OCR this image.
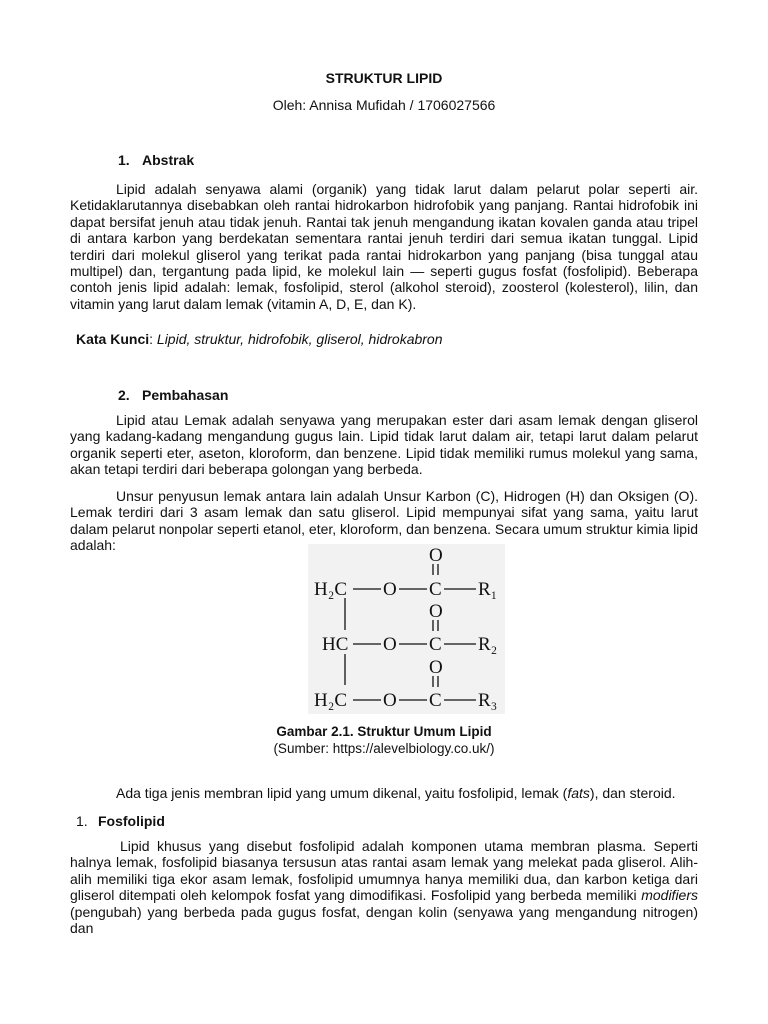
STRUKTUR LIPID
Oleh: Annisa Mufidah / 1706027566
1. Abstrak

Lipid adalah senyawa alami (organik) yang tidak larut dalam pelarut polar seperti air. Ketidaklarutannya disebabkan oleh rantai hidrokarbon hidrofobik yang panjang. Rantai hidrofobik ini dapat bersifat jenuh atau tidak jenuh. Rantai tak jenuh mengandung ikatan kovalen ganda atau tripel di antara karbon yang berdekatan sementara rantai jenuh terdiri dari semua ikatan tunggal. Lipid terdiri dari molekul gliserol yang terikat pada rantai hidrokarbon yang panjang (bisa tunggal atau multipel) dan, tergantung pada lipid, ke molekul lain — seperti gugus fosfat (fosfolipid). Beberapa contoh jenis lipid adalah: lemak, fosfolipid, sterol (alkohol steroid), zoosterol (kolesterol), lilin, dan vitamin yang larut dalam lemak (vitamin A, D, E, dan K).

Kata Kunci: Lipid, struktur, hidrofobik, gliserol, hidrokabron
2. Pembahasan

Lipid atau Lemak adalah senyawa yang merupakan ester dari asam lemak dengan gliserol yang kadang-kadang mengandung gugus lain. Lipid tidak larut dalam air, tetapi larut dalam pelarut organik seperti eter, aseton, kloroform, dan benzene. Lipid tidak memiliki rumus molekul yang sama, akan tetapi terdiri dari beberapa golongan yang berbeda.

Unsur penyusun lemak antara lain adalah Unsur Karbon (C), Hidrogen (H) dan Oksigen (O). Lemak terdiri dari 3 asam lemak dan satu gliserol. Lipid mempunyai sifat yang sama, yaitu larut dalam pelarut nonpolar seperti etanol, eter, kloroform, dan benzena. Secara umum struktur kimia lipid adalah:

H₂C O C
O
R₁
HC O C
O
R₂
H₂C O C
O
R₃
Gambar 2.1. Struktur Umum Lipid
(Sumber: https://alevelbiology.co.uk/)
Ada tiga jenis membran lipid yang umum dikenal, yaitu fosfolipid, lemak (fats), dan steroid.
1. Fosfolipid

Lipid khusus yang disebut fosfolipid adalah komponen utama membran plasma. Seperti halnya lemak, fosfolipid biasanya tersusun atas rantai asam lemak yang melekat pada gliserol. Alih-alih memiliki tiga ekor asam lemak, fosfolipid umumnya hanya memiliki dua, dan karbon ketiga dari gliserol ditempati oleh kelompok fosfat yang dimodifikasi. Fosfolipid yang berbeda memiliki modifiers (pengubah) yang berbeda pada gugus fosfat, dengan kolin (senyawa yang mengandung nitrogen) dan
